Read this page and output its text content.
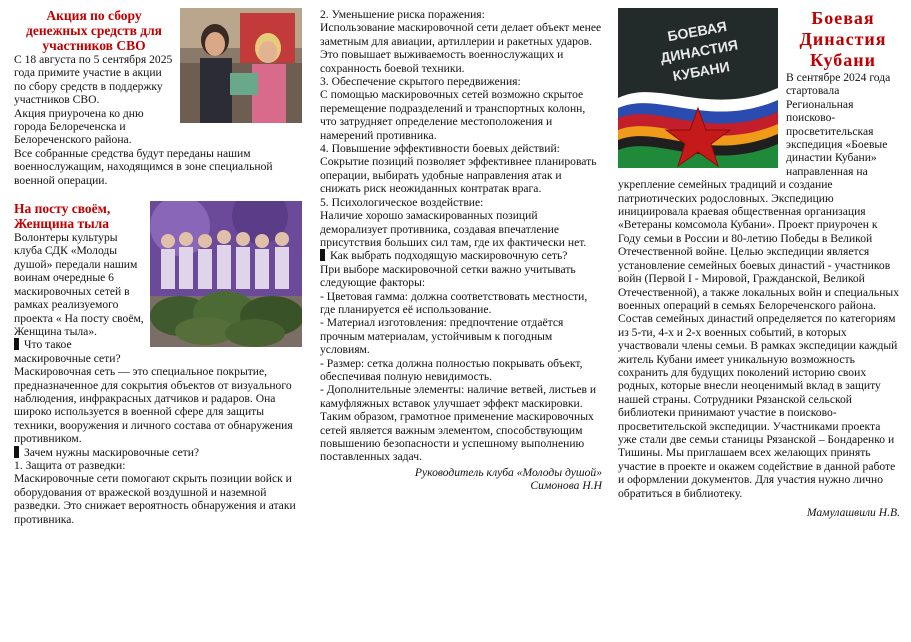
Акция по сбору денежных средств для участников СВО

С 18 августа по 5 сентября 2025 года примите участие в акции по сбору средств в поддержку участников СВО.

Акция приурочена ко дню города Белореченска и Белореченского района.

Все собранные средства будут переданы нашим военнослужащим, находящимся в зоне специальной военной операции.

На посту своём,

Женщина тыла

Волонтеры культуры клуба СДК «Молоды душой» передали нашим воинам очередные 6 маскировочных сетей в рамках реализуемого проекта « На посту своём, Женщина тыла».

Что такое маскировочные сети?

Маскировочная сеть — это специальное покрытие, предназначенное для сокрытия объектов от визуального наблюдения, инфракрасных датчиков и радаров. Она широко используется в военной сфере для защиты техники, вооружения и личного состава от обнаружения противником.

Зачем нужны маскировочные сети?

1. Защита от разведки:

Маскировочные сети помогают скрыть позиции войск и оборудования от вражеской воздушной и наземной разведки. Это снижает вероятность обнаружения и атаки противника.

2. Уменьшение риска поражения:

Использование маскировочной сети делает объект менее заметным для авиации, артиллерии и ракетных ударов. Это повышает выживаемость военнослужащих и сохранность боевой техники.

3. Обеспечение скрытого передвижения:

С помощью маскировочных сетей возможно скрытое перемещение подразделений и транспортных колонн, что затрудняет определение местоположения и намерений противника.

4. Повышение эффективности боевых действий:

Сокрытие позиций позволяет эффективнее планировать операции, выбирать удобные направления атак и снижать риск неожиданных контратак врага.

5. Психологическое воздействие:

Наличие хорошо замаскированных позиций деморализует противника, создавая впечатление присутствия больших сил там, где их фактически нет.

Как выбрать подходящую маскировочную сеть?

При выборе маскировочной сетки важно учитывать следующие факторы:

- Цветовая гамма: должна соответствовать местности, где планируется её использование.

- Материал изготовления: предпочтение отдаётся прочным материалам, устойчивым к погодным условиям.

- Размер: сетка должна полностью покрывать объект, обеспечивая полную невидимость.

- Дополнительные элементы: наличие ветвей, листьев и камуфляжных вставок улучшает эффект маскировки.

Таким образом, грамотное применение маскировочных сетей является важным элементом, способствующим повышению безопасности и успешному выполнению поставленных задач.

Руководитель клуба «Молоды душой»

Симонова Н.Н

БОЕВАЯ
ДИНАСТИЯ
КУБАНИ

Боевая Династия Кубани

В сентябре 2024 года стартовала Региональная поисково-просветительская экспедиция «Боевые династии Кубани» направленная на укрепление семейных традиций и создание патриотических родословных. Экспедицию инициировала краевая общественная организация «Ветераны комсомола Кубани». Проект приурочен к Году семьи в России и 80-летию Победы в Великой Отечественной войне. Целью экспедиции является установление семейных боевых династий - участников войн (Первой I - Мировой, Гражданской, Великой Отечественной), а также локальных войн и специальных военных операций в семьях Белореченского района. Состав семейных династий определяется по категориям из 5-ти, 4-х и 2-х военных событий, в которых участвовали члены семьи. В рамках экспедиции каждый житель Кубани имеет уникальную возможность сохранить для будущих поколений историю своих родных, которые внесли неоценимый вклад в защиту нашей страны. Сотрудники Рязанской сельской библиотеки принимают участие в поисково-просветительской экспедиции. Участниками проекта уже стали две семьи станицы Рязанской – Бондаренко и Тишины. Мы приглашаем всех желающих принять участие в проекте и окажем содействие в данной работе и оформлении документов. Для участия нужно лично обратиться в библиотеку.

Мамулашвили Н.В.
